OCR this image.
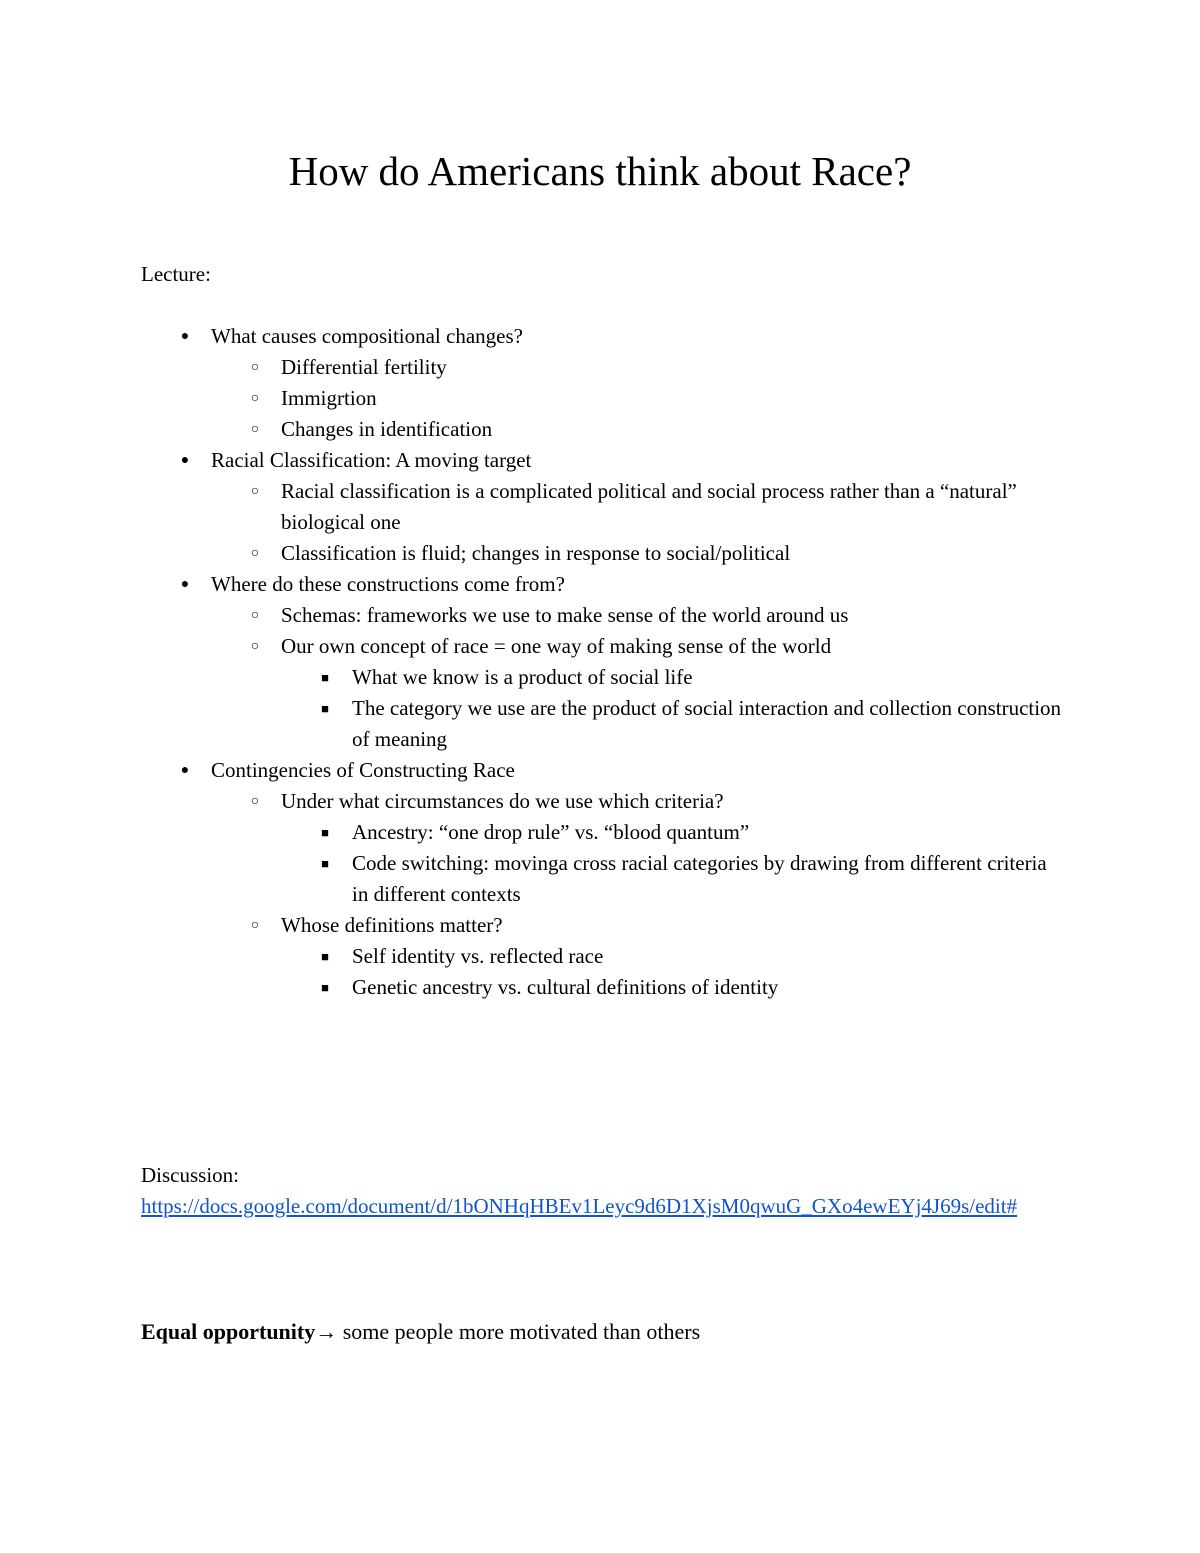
How do Americans think about Race?

Lecture:

● What causes compositional changes?
○ Differential fertility
○ Immigrtion
○ Changes in identification
● Racial Classification: A moving target
○ Racial classification is a complicated political and social process rather than a “natural” biological one
○ Classification is fluid; changes in response to social/political
● Where do these constructions come from?
○ Schemas: frameworks we use to make sense of the world around us
○ Our own concept of race = one way of making sense of the world
■ What we know is a product of social life
■ The category we use are the product of social interaction and collection construction of meaning
● Contingencies of Constructing Race
○ Under what circumstances do we use which criteria?
■ Ancestry: “one drop rule” vs. “blood quantum”
■ Code switching: movinga cross racial categories by drawing from different criteria in different contexts
○ Whose definitions matter?
■ Self identity vs. reflected race
■ Genetic ancestry vs. cultural definitions of identity

Discussion:

https://docs.google.com/document/d/1bONHqHBEv1Leyc9d6D1XjsM0qwuG_GXo4ewEYj4J69s/edit#

Equal opportunity→ some people more motivated than others
